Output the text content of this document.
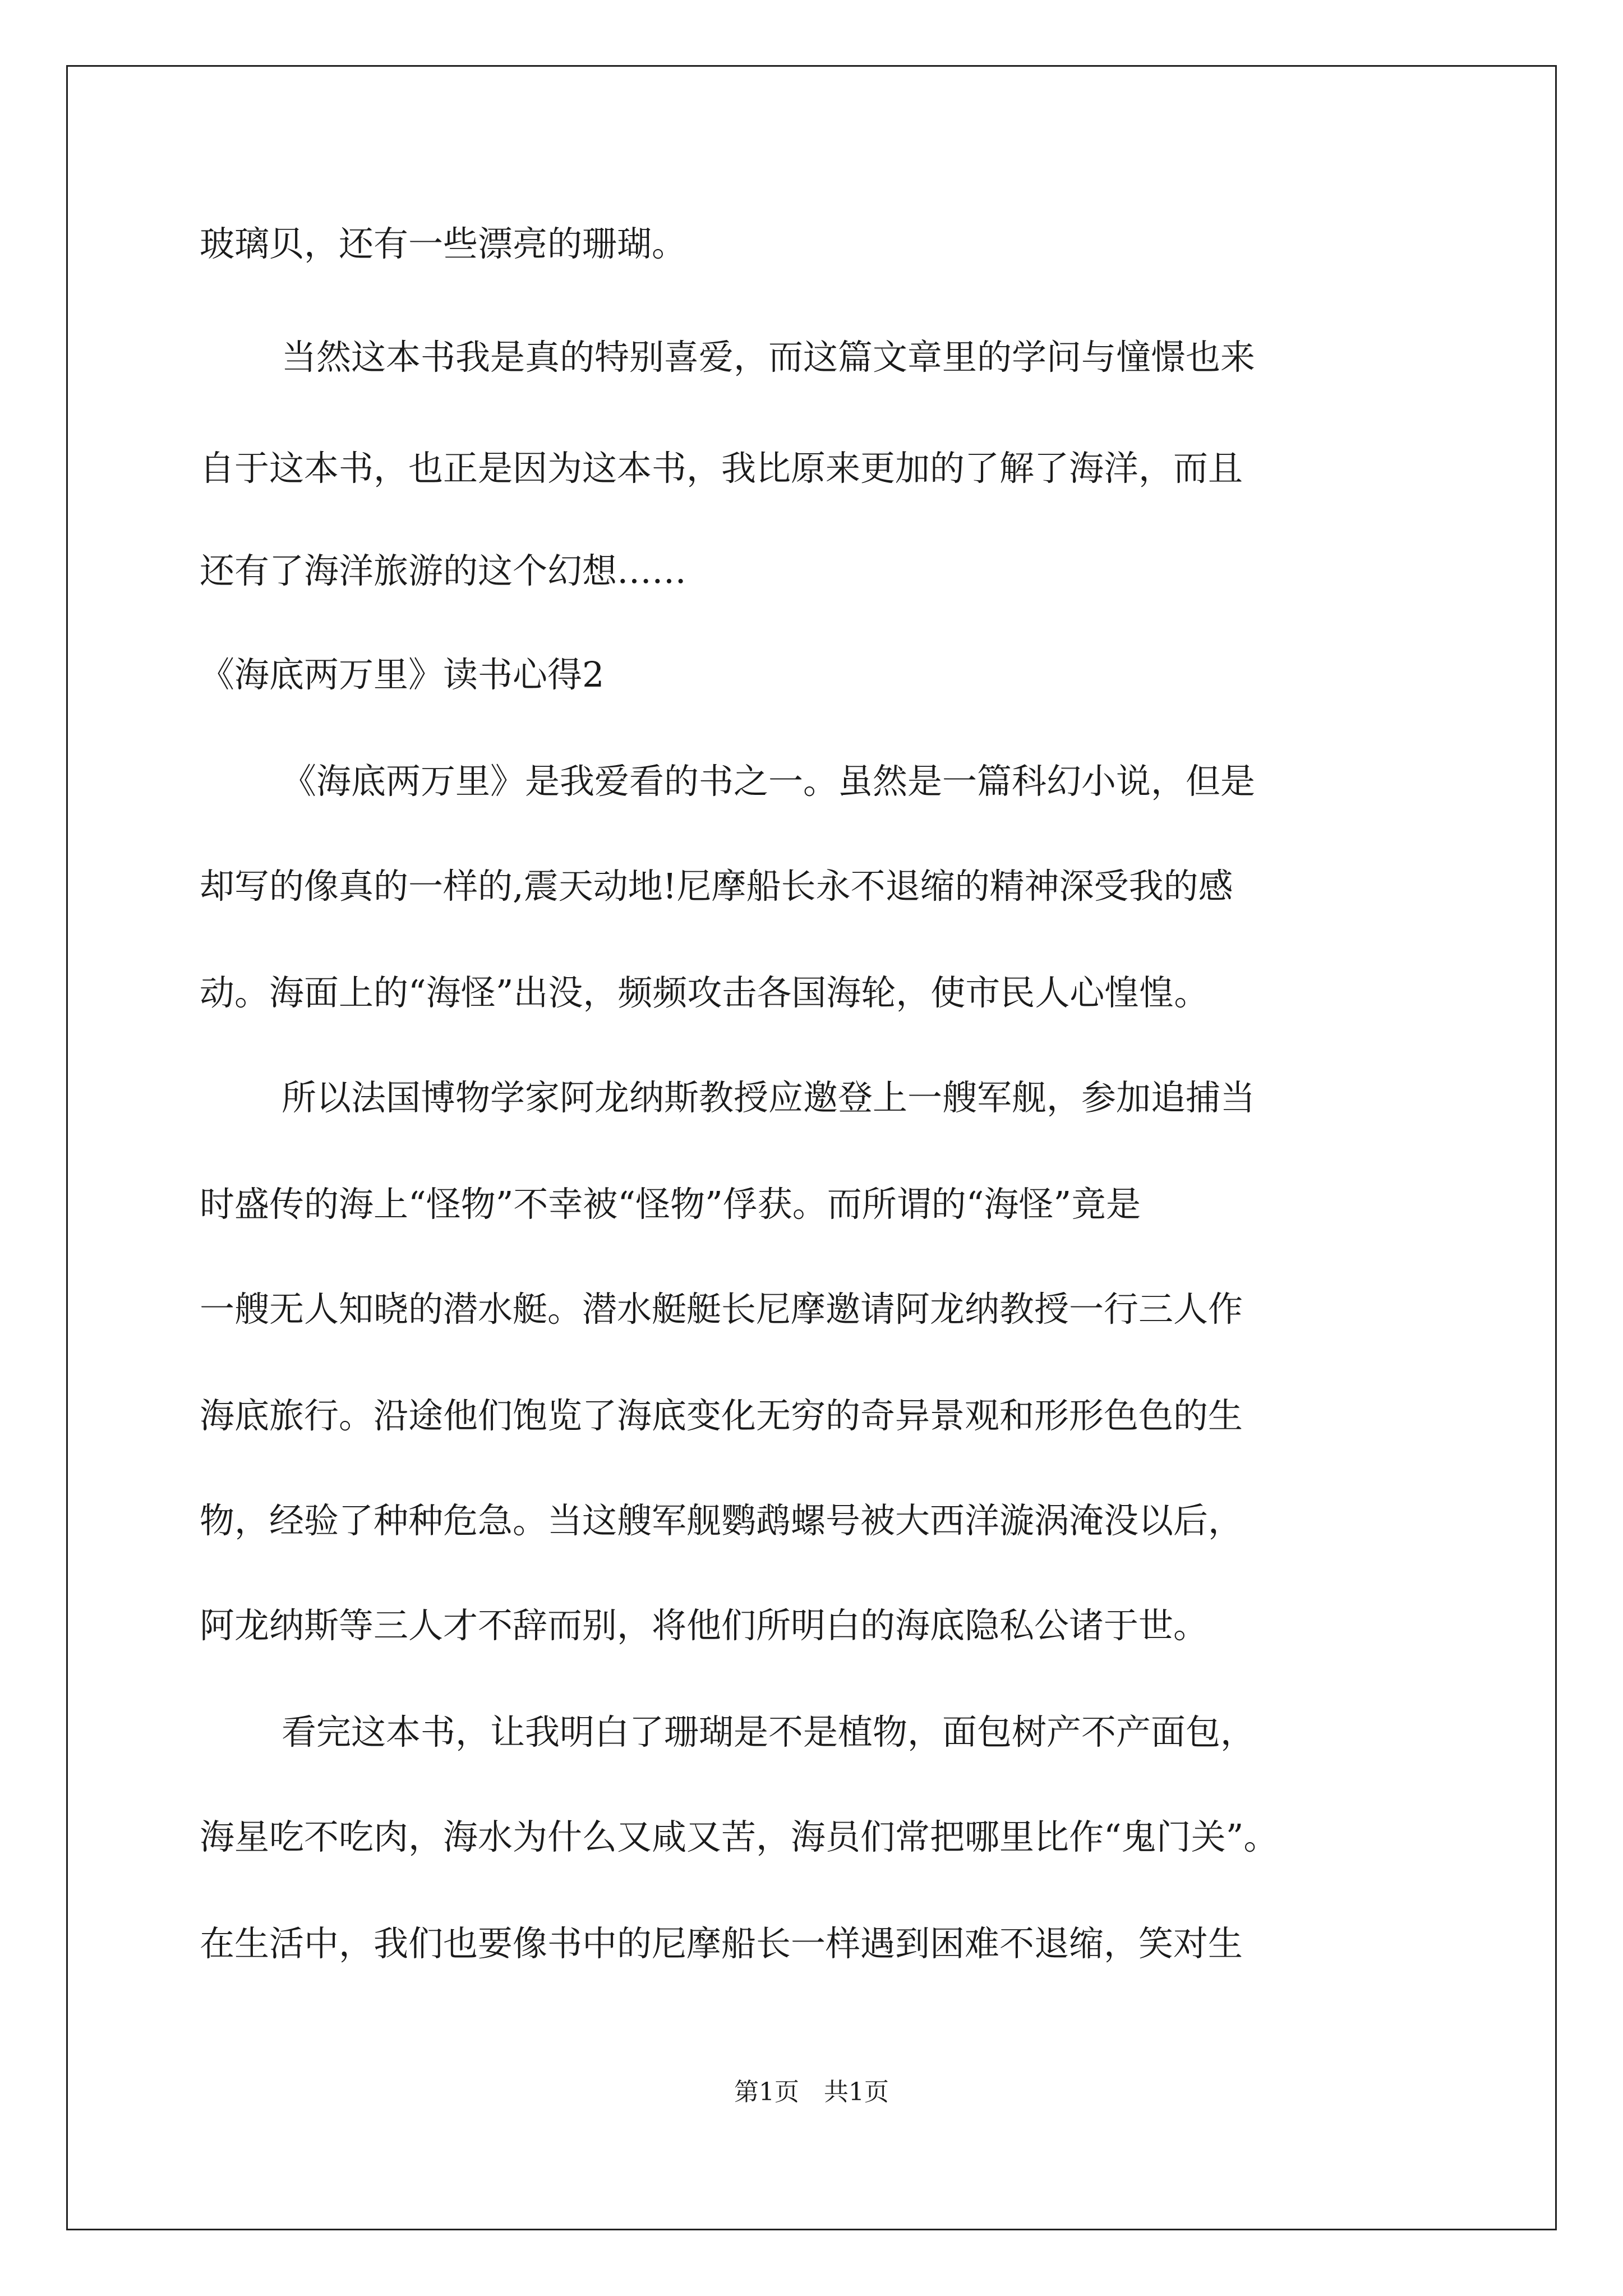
玻璃贝，还有一些漂亮的珊瑚。
当然这本书我是真的特别喜爱，而这篇文章里的学问与憧憬也来
自于这本书，也正是因为这本书，我比原来更加的了解了海洋，而且
还有了海洋旅游的这个幻想……
《海底两万里》读书心得2
《海底两万里》是我爱看的书之一。虽然是一篇科幻小说，但是
却写的像真的一样的,震天动地!尼摩船长永不退缩的精神深受我的感
动。海面上的“海怪”出没，频频攻击各国海轮，使市民人心惶惶。
所以法国博物学家阿龙纳斯教授应邀登上一艘军舰，参加追捕当
时盛传的海上“怪物”不幸被“怪物”俘获。而所谓的“海怪”竟是
一艘无人知晓的潜水艇。潜水艇艇长尼摩邀请阿龙纳教授一行三人作
海底旅行。沿途他们饱览了海底变化无穷的奇异景观和形形色色的生
物，经验了种种危急。当这艘军舰鹦鹉螺号被大西洋漩涡淹没以后，
阿龙纳斯等三人才不辞而别，将他们所明白的海底隐私公诸于世。
看完这本书，让我明白了珊瑚是不是植物，面包树产不产面包，
海星吃不吃肉，海水为什么又咸又苦，海员们常把哪里比作“鬼门关”。
在生活中，我们也要像书中的尼摩船长一样遇到困难不退缩，笑对生
第1页　共1页
